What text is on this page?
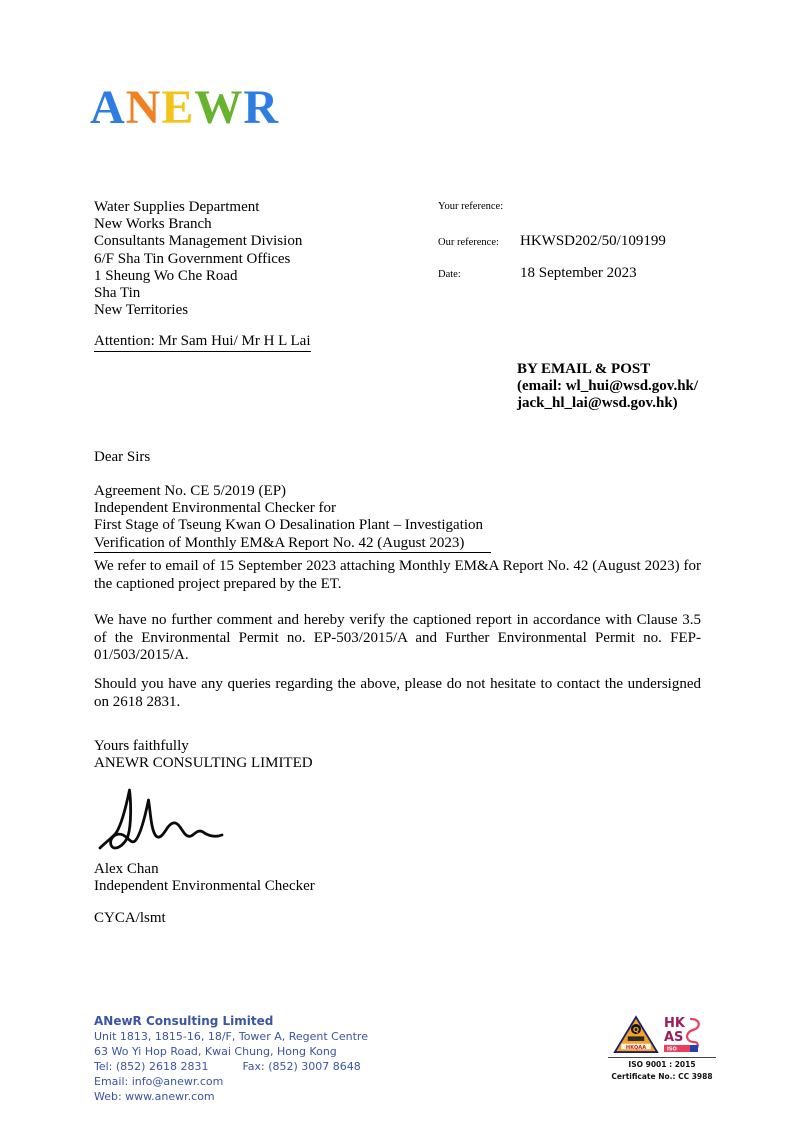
ANEWR
Water Supplies Department
New Works Branch
Consultants Management Division
6/F Sha Tin Government Offices
1 Sheung Wo Che Road
Sha Tin
New Territories
Your reference:
Our reference:	HKWSD202/50/109199
Date:	18 September 2023
Attention: Mr Sam Hui/ Mr H L Lai
BY EMAIL & POST
(email: wl_hui@wsd.gov.hk/
jack_hl_lai@wsd.gov.hk)
Dear Sirs
Agreement No. CE 5/2019 (EP)
Independent Environmental Checker for
First Stage of Tseung Kwan O Desalination Plant – Investigation
Verification of Monthly EM&A Report No. 42 (August 2023)

We refer to email of 15 September 2023 attaching Monthly EM&A Report No. 42 (August 2023) for the captioned project prepared by the ET.

We have no further comment and hereby verify the captioned report in accordance with Clause 3.5 of the Environmental Permit no. EP-503/2015/A and Further Environmental Permit no. FEP-01/503/2015/A.

Should you have any queries regarding the above, please do not hesitate to contact the undersigned on 2618 2831.

Yours faithfully
ANEWR CONSULTING LIMITED
Alex Chan
Independent Environmental Checker
CYCA/lsmt
ANewR Consulting Limited
Unit 1813, 1815-16, 18/F, Tower A, Regent Centre
63 Wo Yi Hop Road, Kwai Chung, Hong Kong
Tel: (852) 2618 2831	Fax: (852) 3007 8648
Email: info@anewr.com
Web: www.anewr.com
Q
HKQAA
HK
AS
ISO
ISO 9001 : 2015
Certificate No.: CC 3988
